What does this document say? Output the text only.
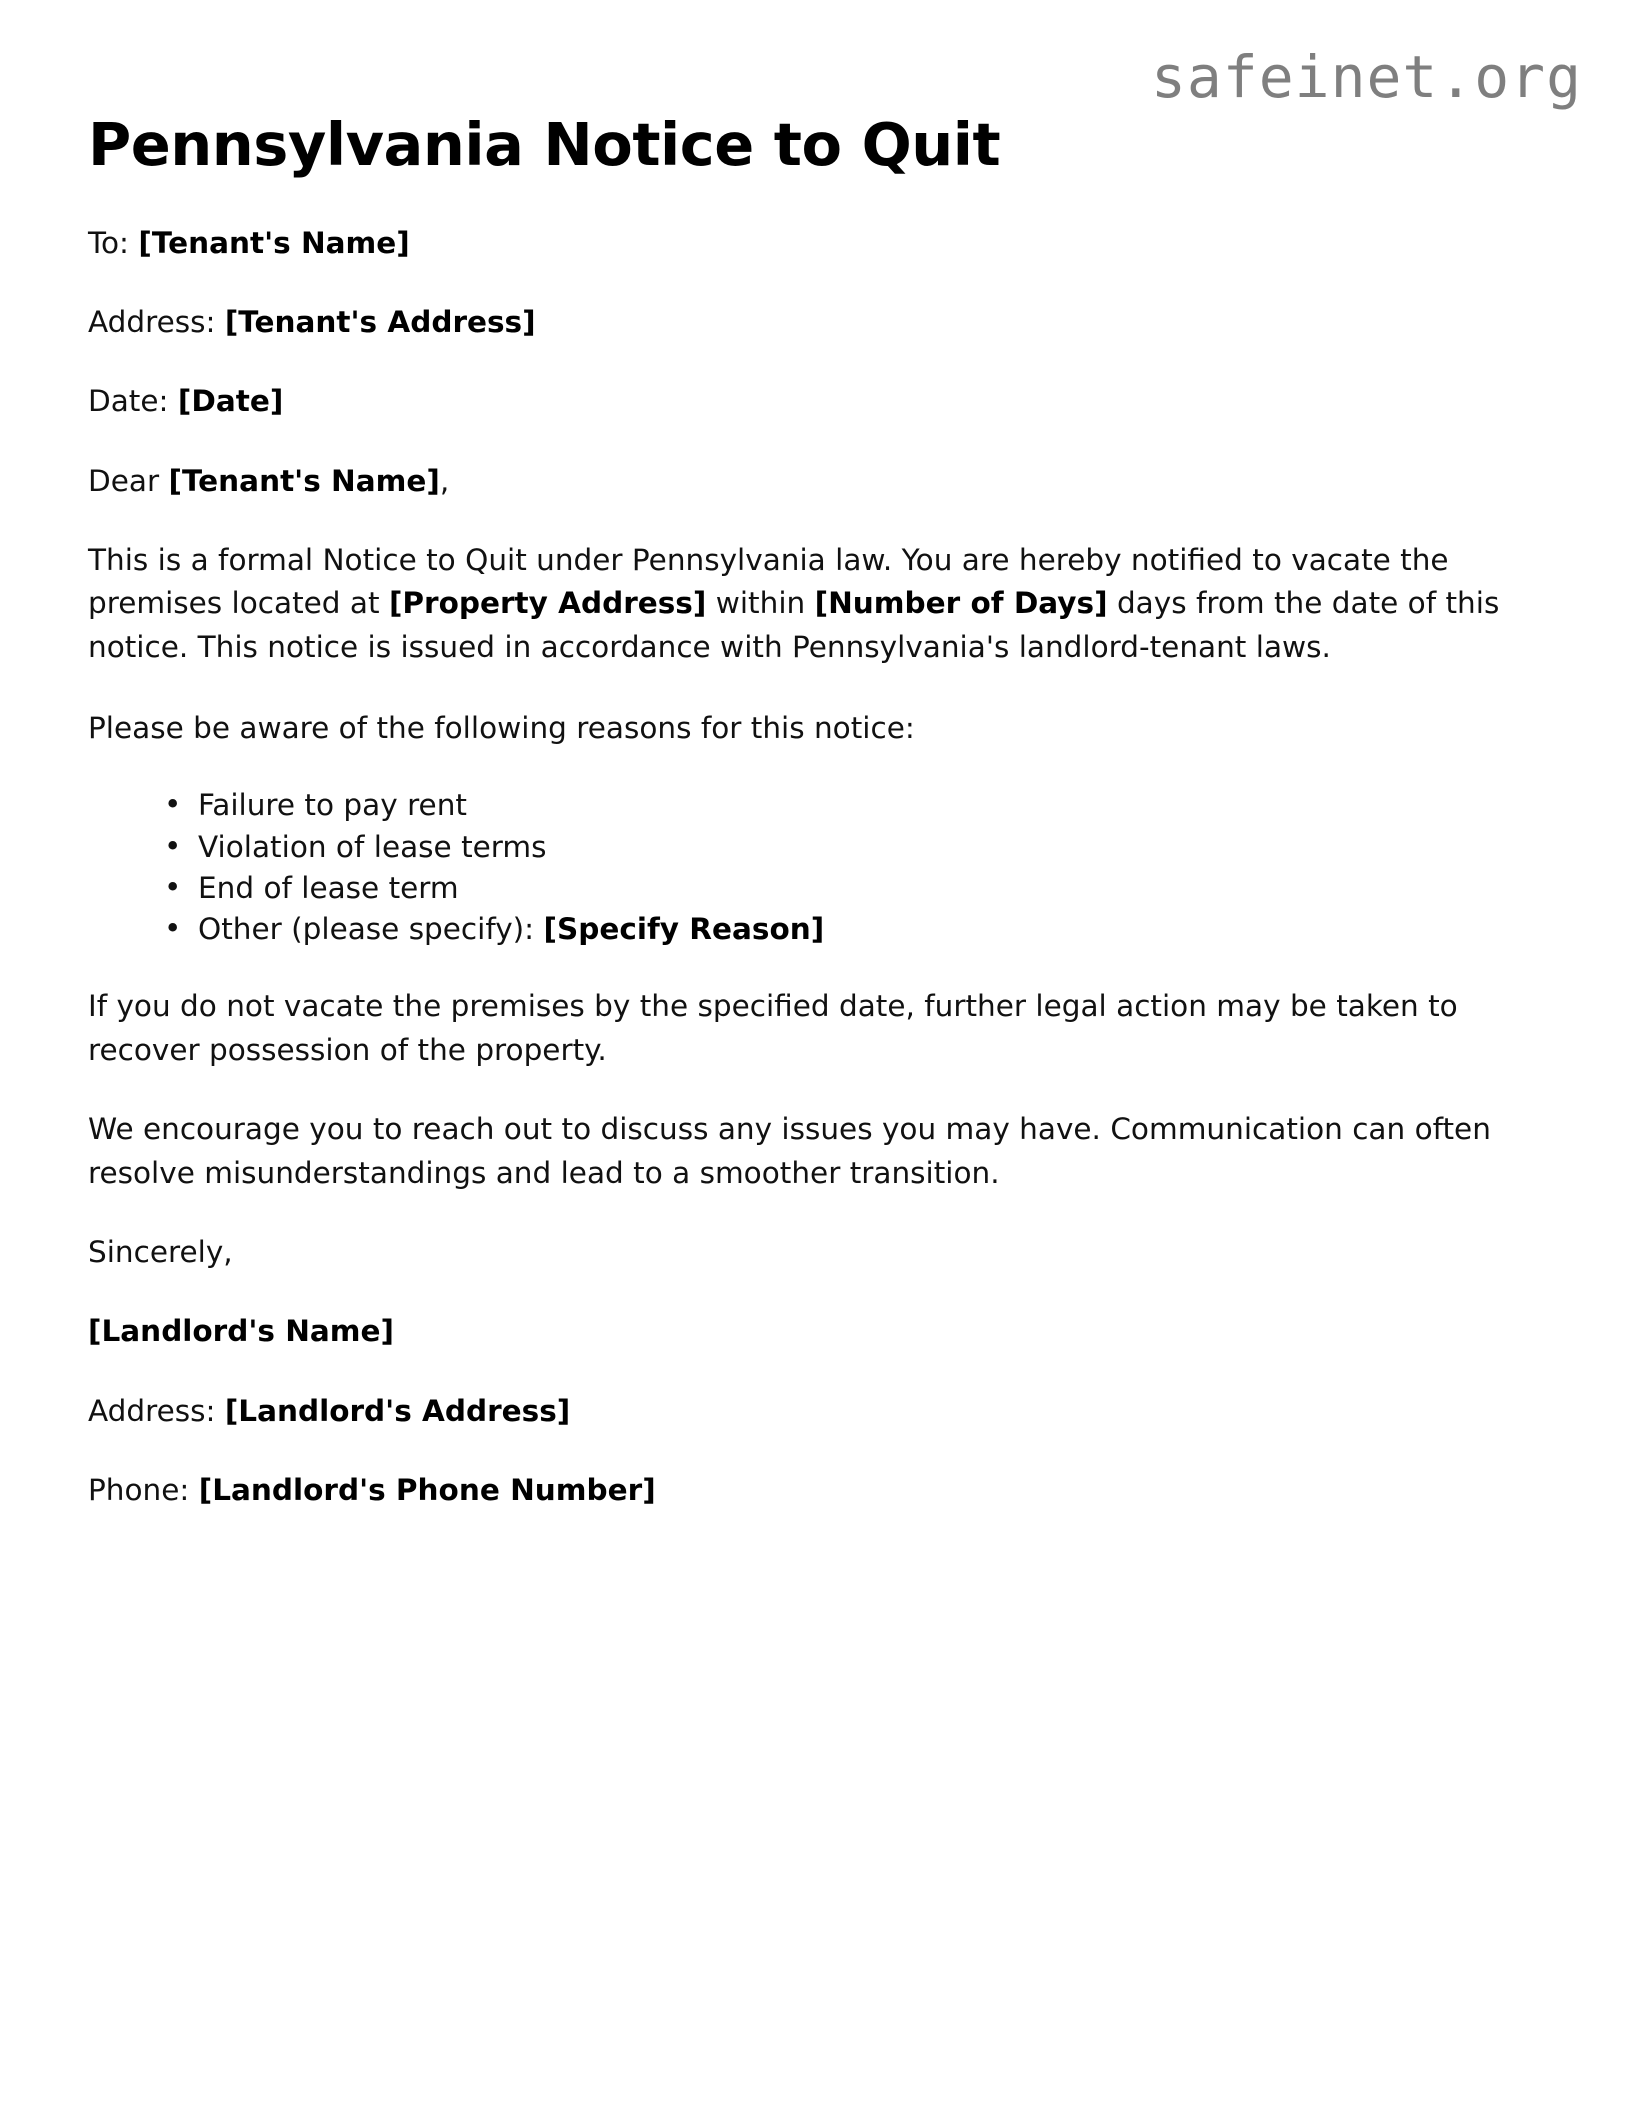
safeinet.org
Pennsylvania Notice to Quit

To: [Tenant's Name]

Address: [Tenant's Address]

Date: [Date]

Dear [Tenant's Name],

This is a formal Notice to Quit under Pennsylvania law. You are hereby notified to vacate the premises located at [Property Address] within [Number of Days] days from the date of this notice. This notice is issued in accordance with Pennsylvania's landlord-tenant laws.

Please be aware of the following reasons for this notice:

• Failure to pay rent
• Violation of lease terms
• End of lease term
• Other (please specify): [Specify Reason]

If you do not vacate the premises by the specified date, further legal action may be taken to recover possession of the property.

We encourage you to reach out to discuss any issues you may have. Communication can often resolve misunderstandings and lead to a smoother transition.

Sincerely,

[Landlord's Name]

Address: [Landlord's Address]

Phone: [Landlord's Phone Number]
